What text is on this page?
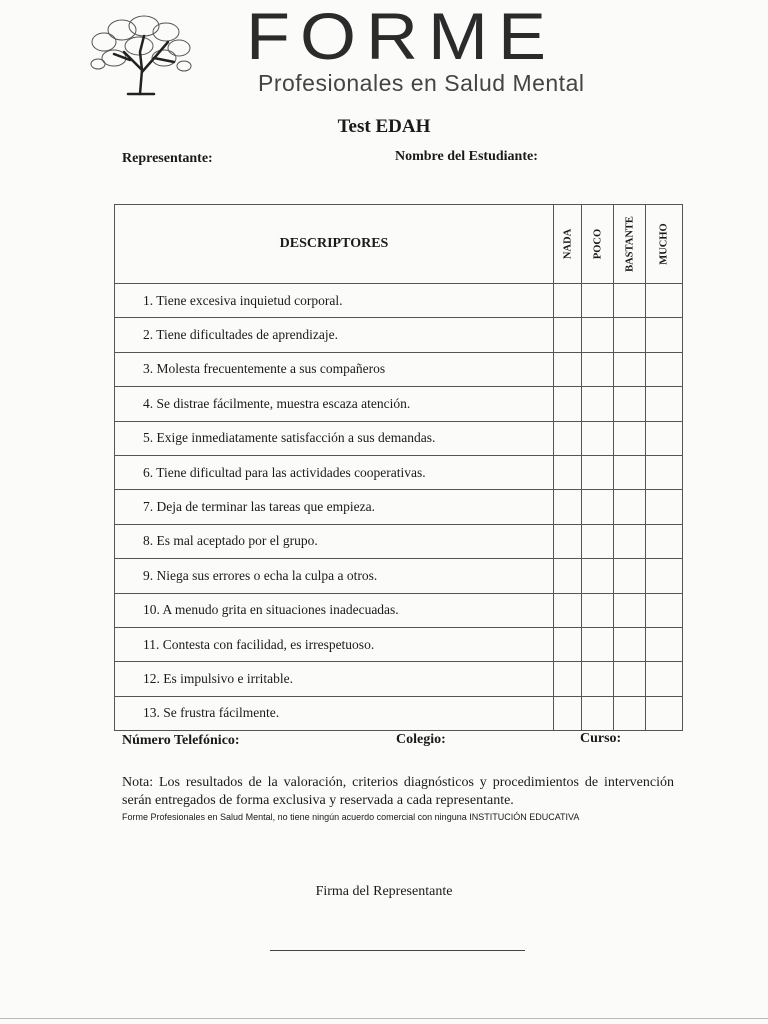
FORME
Profesionales en Salud Mental
Test EDAH
Representante:	Nombre del Estudiante:
DESCRIPTORES	NADA	POCO	BASTANTE	MUCHO

1. Tiene excesiva inquietud corporal.				
2. Tiene dificultades de aprendizaje.				
3. Molesta frecuentemente a sus compañeros				
4. Se distrae fácilmente, muestra escaza atención.				
5. Exige inmediatamente satisfacción a sus demandas.				
6. Tiene dificultad para las actividades cooperativas.				
7. Deja de terminar las tareas que empieza.				
8. Es mal aceptado por el grupo.				
9. Niega sus errores o echa la culpa a otros.				
10. A menudo grita en situaciones inadecuadas.				
11. Contesta con facilidad, es irrespetuoso.				
12. Es impulsivo e irritable.				
13. Se frustra fácilmente.				
Número Telefónico:	Colegio:	Curso:
Nota: Los resultados de la valoración, criterios diagnósticos y procedimientos de intervención serán entregados de forma exclusiva y reservada a cada representante.
Forme Profesionales en Salud Mental, no tiene ningún acuerdo comercial con ninguna INSTITUCIÓN EDUCATIVA
Firma del Representante
